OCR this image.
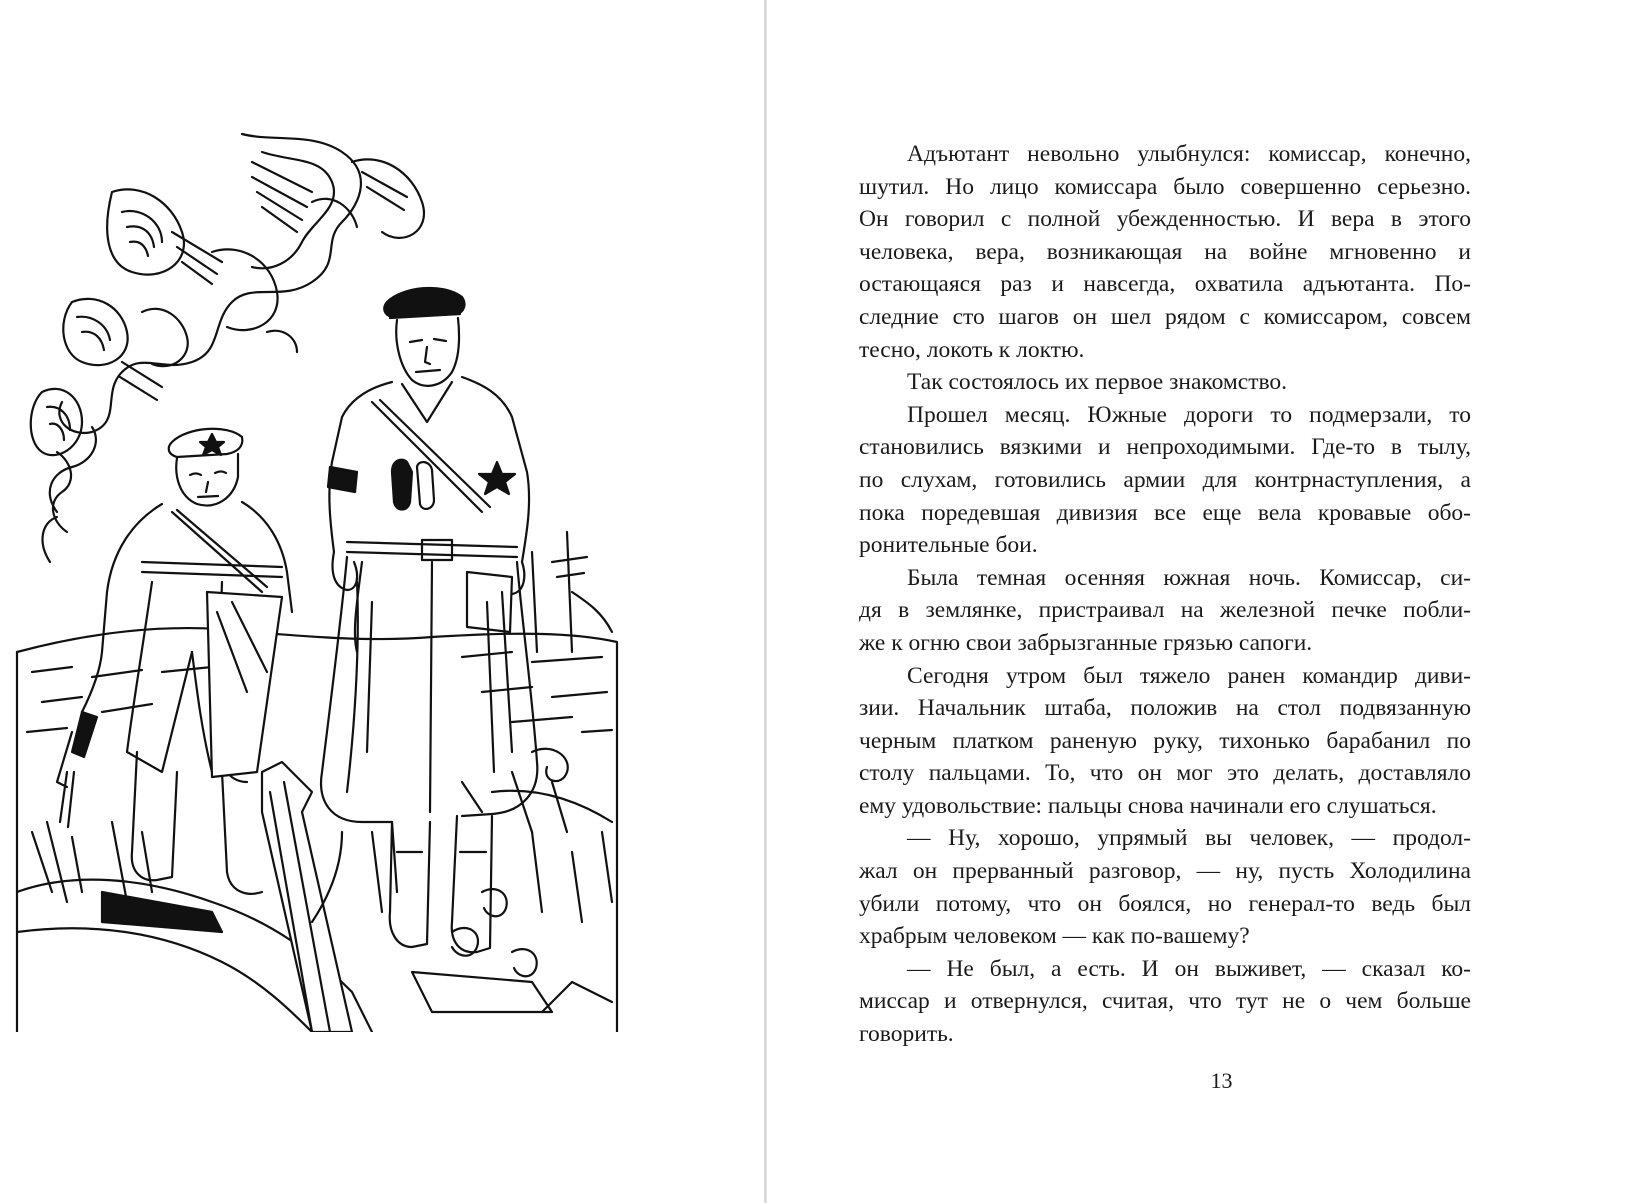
Адъютант невольно улыбнулся: комиссар, конечно,
шутил. Но лицо комиссара было совершенно серьезно.
Он говорил с полной убежденностью. И вера в этого
человека, вера, возникающая на войне мгновенно и
остающаяся раз и навсегда, охватила адъютанта. По-
следние сто шагов он шел рядом с комиссаром, совсем
тесно, локоть к локтю.
Так состоялось их первое знакомство.
Прошел месяц. Южные дороги то подмерзали, то
становились вязкими и непроходимыми. Где-то в тылу,
по слухам, готовились армии для контрнаступления, а
пока поредевшая дивизия все еще вела кровавые обо-
ронительные бои.
Была темная осенняя южная ночь. Комиссар, си-
дя в землянке, пристраивал на железной печке побли-
же к огню свои забрызганные грязью сапоги.
Сегодня утром был тяжело ранен командир диви-
зии. Начальник штаба, положив на стол подвязанную
черным платком раненую руку, тихонько барабанил по
столу пальцами. То, что он мог это делать, доставляло
ему удовольствие: пальцы снова начинали его слушаться.
— Ну, хорошо, упрямый вы человек, — продол-
жал он прерванный разговор, — ну, пусть Холодилина
убили потому, что он боялся, но генерал-то ведь был
храбрым человеком — как по-вашему?
— Не был, а есть. И он выживет, — сказал ко-
миссар и отвернулся, считая, что тут не о чем больше
говорить.
13
